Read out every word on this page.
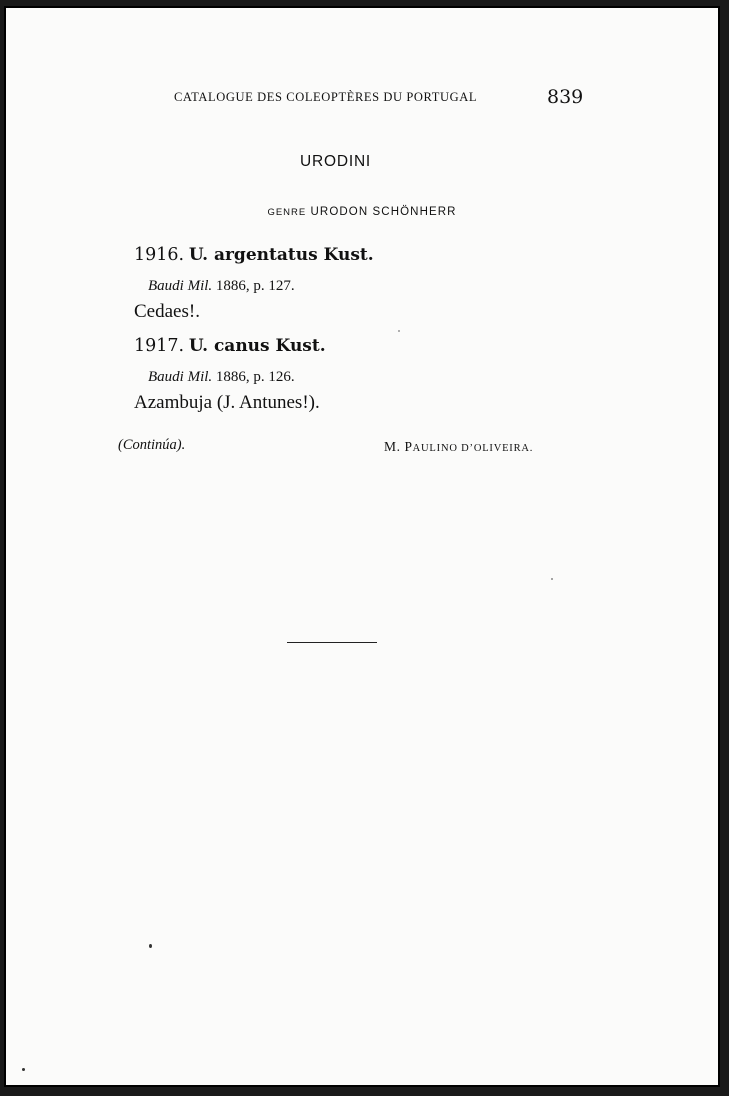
CATALOGUE DES COLEOPTÈRES DU PORTUGAL	839
URODINI
GENRE URODON SCHÖNHERR
1916. U. argentatus Kust.
Baudi Mil. 1886, p. 127.
Cedaes!.
1917. U. canus Kust.
Baudi Mil. 1886, p. 126.
Azambuja (J. Antunes!).
(Continúa).	M. PAULINO D’OLIVEIRA.
